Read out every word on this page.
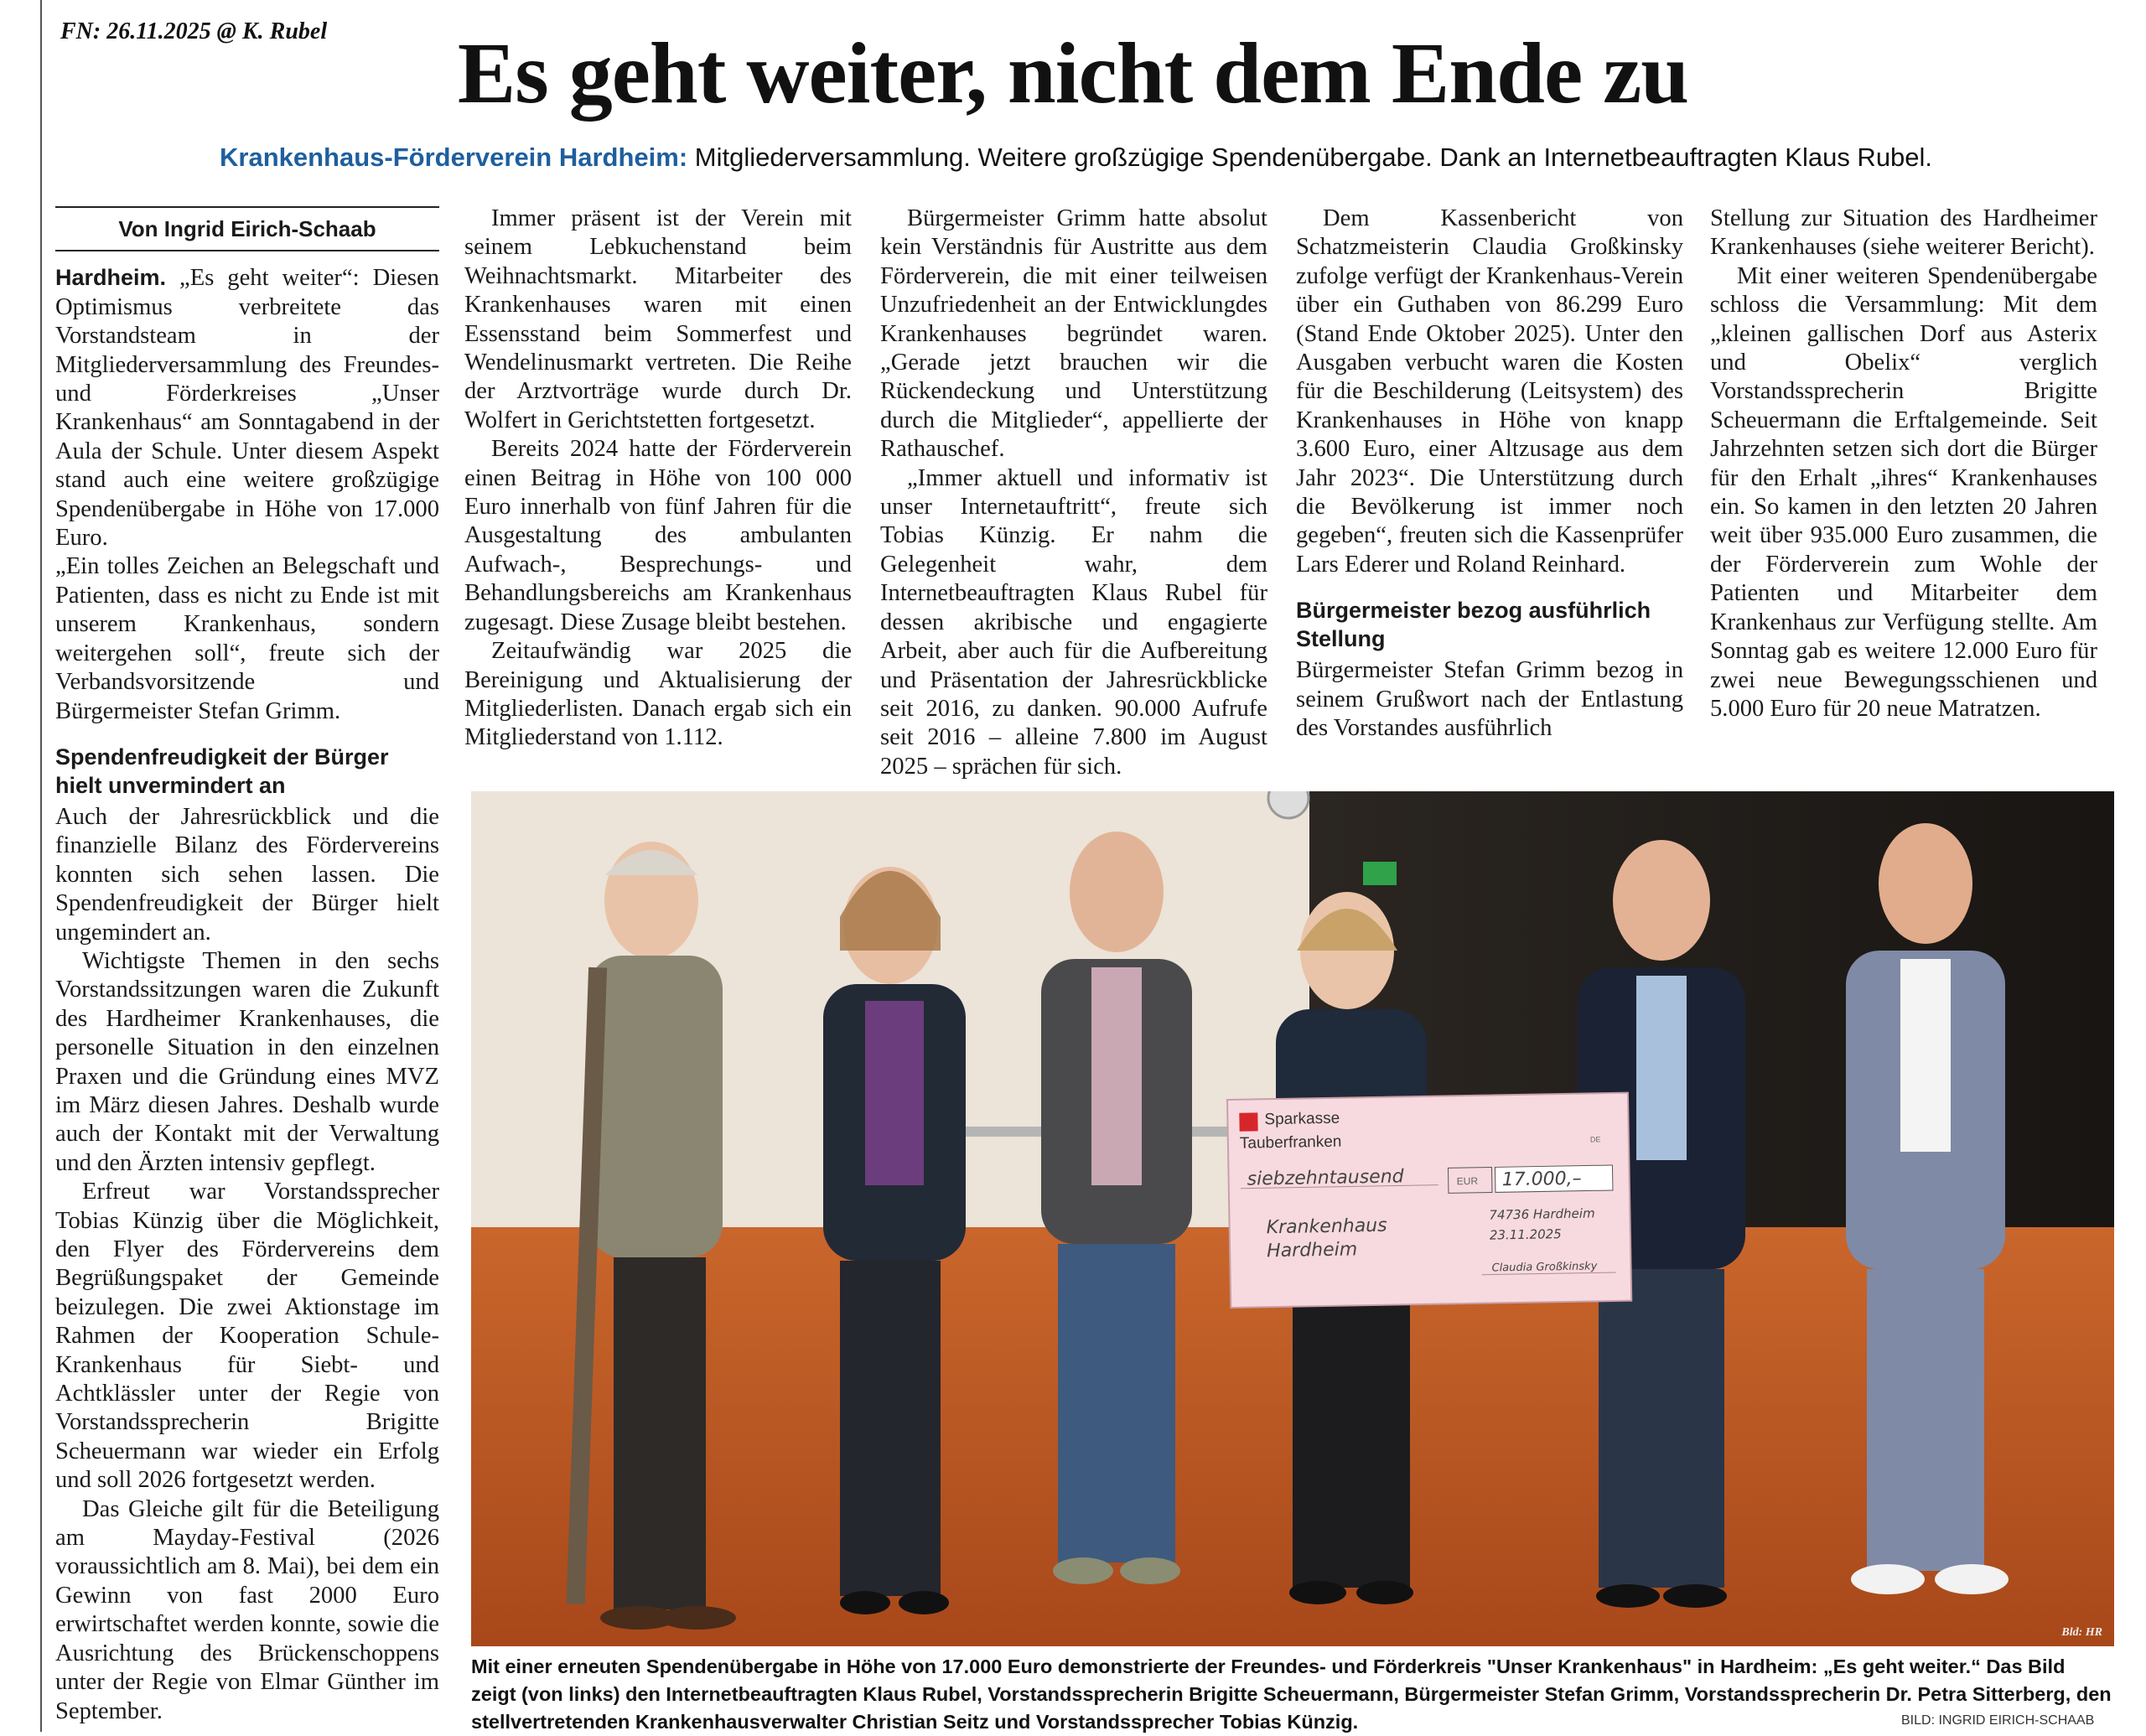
FN: 26.11.2025 @ K. Rubel	Es geht weiter, nicht dem Ende zu
Krankenhaus-Förderverein Hardheim: Mitgliederversammlung. Weitere großzügige Spendenübergabe. Dank an Internetbeauftragten Klaus Rubel.
Von Ingrid Eirich-Schaab

Hardheim. „Es geht weiter“: Diesen Optimismus verbreitete das Vorstandsteam in der Mitgliederversammlung des Freundes- und Förderkreises „Unser Krankenhaus“ am Sonntagabend in der Aula der Schule. Unter diesem Aspekt stand auch eine weitere großzügige Spendenübergabe in Höhe von 17.000 Euro.

„Ein tolles Zeichen an Belegschaft und Patienten, dass es nicht zu Ende ist mit unserem Krankenhaus, sondern weitergehen soll“, freute sich der Verbandsvorsitzende und Bürgermeister Stefan Grimm.

Spendenfreudigkeit der Bürger hielt unvermindert an

Auch der Jahresrückblick und die finanzielle Bilanz des Fördervereins konnten sich sehen lassen. Die Spendenfreudigkeit der Bürger hielt ungemindert an.

Wichtigste Themen in den sechs Vorstandssitzungen waren die Zukunft des Hardheimer Krankenhauses, die personelle Situation in den einzelnen Praxen und die Gründung eines MVZ im März diesen Jahres. Deshalb wurde auch der Kontakt mit der Verwaltung und den Ärzten intensiv gepflegt.

Erfreut war Vorstandssprecher Tobias Künzig über die Möglichkeit, den Flyer des Fördervereins dem Begrüßungspaket der Gemeinde beizulegen. Die zwei Aktionstage im Rahmen der Kooperation Schule-Krankenhaus für Siebt- und Achtklässler unter der Regie von Vorstandssprecherin Brigitte Scheuermann war wieder ein Erfolg und soll 2026 fortgesetzt werden.

Das Gleiche gilt für die Beteiligung am Mayday-Festival (2026 voraussichtlich am 8. Mai), bei dem ein Gewinn von fast 2000 Euro erwirtschaftet werden konnte, sowie die Ausrichtung des Brückenschoppens unter der Regie von Elmar Günther im September.

Immer präsent ist der Verein mit seinem Lebkuchenstand beim Weihnachtsmarkt. Mitarbeiter des Krankenhauses waren mit einen Essensstand beim Sommerfest und Wendelinusmarkt vertreten. Die Reihe der Arztvorträge wurde durch Dr. Wolfert in Gerichtstetten fortgesetzt.

Bereits 2024 hatte der Förderverein einen Beitrag in Höhe von 100 000 Euro innerhalb von fünf Jahren für die Ausgestaltung des ambulanten Aufwach-, Besprechungs- und Behandlungsbereichs am Krankenhaus zugesagt. Diese Zusage bleibt bestehen.

Zeitaufwändig war 2025 die Bereinigung und Aktualisierung der Mitgliederlisten. Danach ergab sich ein Mitgliederstand von 1.112.

Bürgermeister Grimm hatte absolut kein Verständnis für Austritte aus dem Förderverein, die mit einer teilweisen Unzufriedenheit an der Entwicklungdes Krankenhauses begründet waren. „Gerade jetzt brauchen wir die Rückendeckung und Unterstützung durch die Mitglieder“, appellierte der Rathauschef.

„Immer aktuell und informativ ist unser Internetauftritt“, freute sich Tobias Künzig. Er nahm die Gelegenheit wahr, dem Internetbeauftragten Klaus Rubel für dessen akribische und engagierte Arbeit, aber auch für die Aufbereitung und Präsentation der Jahresrückblicke seit 2016, zu danken. 90.000 Aufrufe seit 2016 – alleine 7.800 im August 2025 – sprächen für sich.

Dem Kassenbericht von Schatzmeisterin Claudia Großkinsky zufolge verfügt der Krankenhaus-Verein über ein Guthaben von 86.299 Euro (Stand Ende Oktober 2025). Unter den Ausgaben verbucht waren die Kosten für die Beschilderung (Leitsystem) des Krankenhauses in Höhe von knapp 3.600 Euro, einer Altzusage aus dem Jahr 2023“. Die Unterstützung durch die Bevölkerung ist immer noch gegeben“, freuten sich die Kassenprüfer Lars Ederer und Roland Reinhard.

Bürgermeister bezog ausführlich Stellung

Bürgermeister Stefan Grimm bezog in seinem Grußwort nach der Entlastung des Vorstandes ausführlich

Stellung zur Situation des Hardheimer Krankenhauses (siehe weiterer Bericht).

Mit einer weiteren Spendenübergabe schloss die Versammlung: Mit dem „kleinen gallischen Dorf aus Asterix und Obelix“ verglich Vorstandssprecherin Brigitte Scheuermann die Erftalgemeinde. Seit Jahrzehnten setzen sich dort die Bürger für den Erhalt „ihres“ Krankenhauses ein. So kamen in den letzten 20 Jahren weit über 935.000 Euro zusammen, die der Förderverein zum Wohle der Patienten und Mitarbeiter dem Krankenhaus zur Verfügung stellte. Am Sonntag gab es weitere 12.000 Euro für zwei neue Bewegungsschienen und 5.000 Euro für 20 neue Matratzen.

Sparkasse
Tauberfranken	DE
siebzehntausend	EUR 17.000,–
Krankenhaus
Hardheim
74736 Hardheim
23.11.2025
Claudia Großkinsky
Bld: HR
Mit einer erneuten Spendenübergabe in Höhe von 17.000 Euro demonstrierte der Freundes- und Förderkreis "Unser Krankenhaus" in Hardheim: „Es geht weiter.“ Das Bild zeigt (von links) den Internetbeauftragten Klaus Rubel, Vorstandssprecherin Brigitte Scheuermann, Bürgermeister Stefan Grimm, Vorstandssprecherin Dr. Petra Sitterberg, den stellvertretenden Krankenhausverwalter Christian Seitz und Vorstandssprecher Tobias Künzig.	BILD: INGRID EIRICH-SCHAAB
